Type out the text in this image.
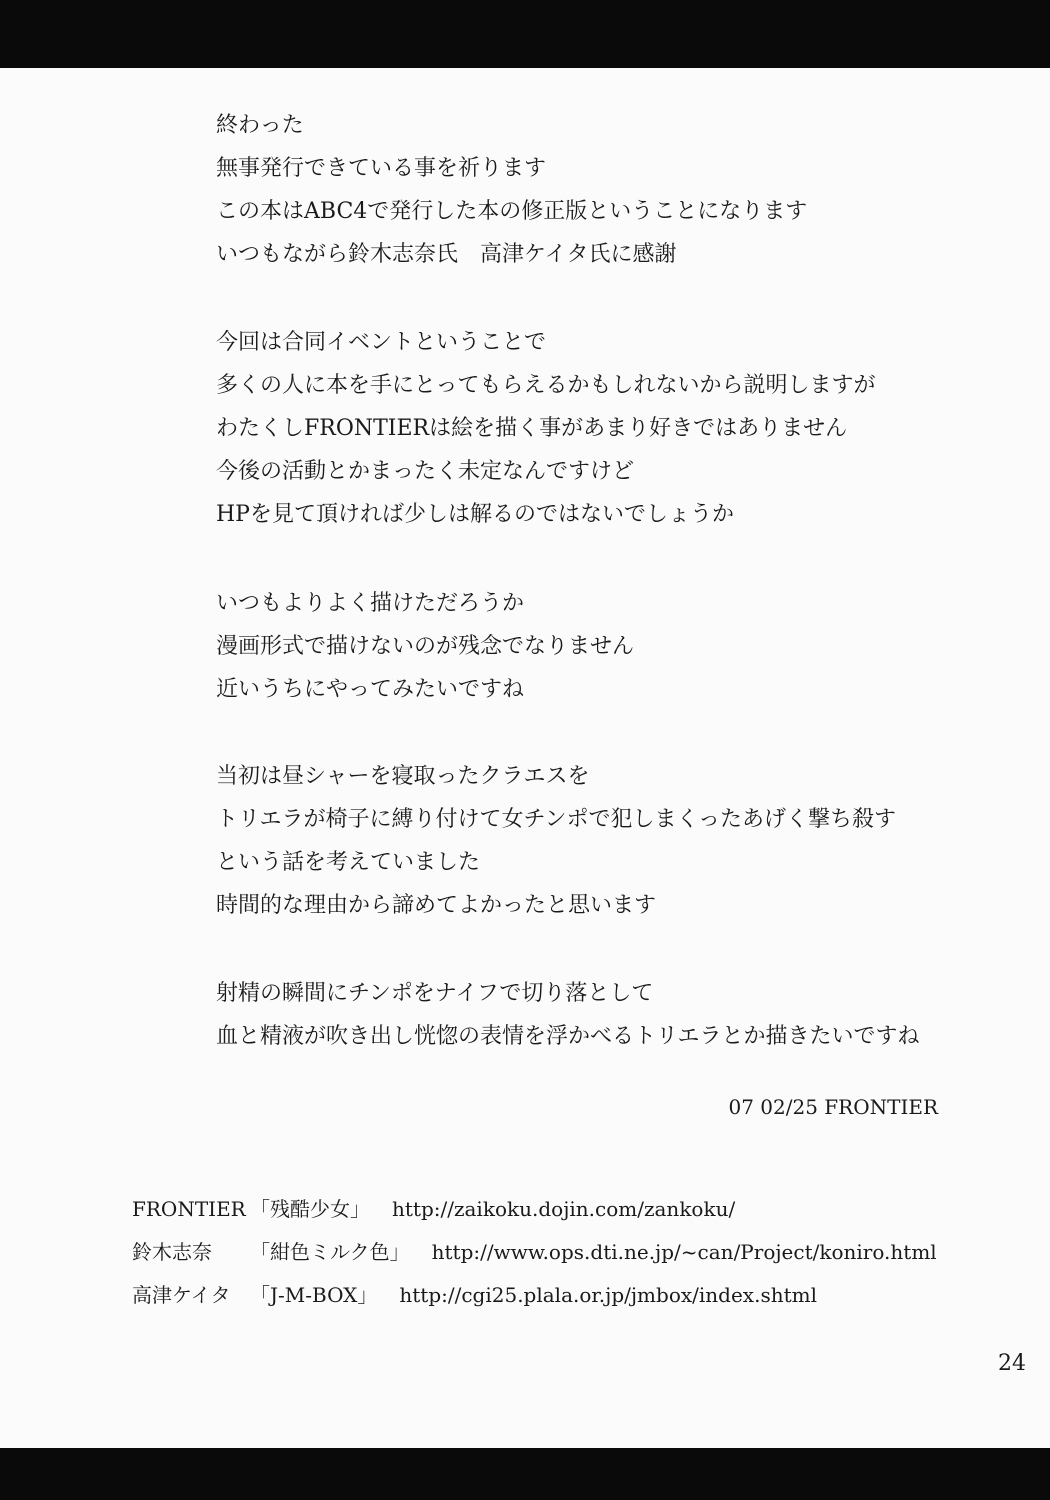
終わった
無事発行できている事を祈ります
この本はABC4で発行した本の修正版ということになります
いつもながら鈴木志奈氏　高津ケイタ氏に感謝
今回は合同イベントということで
多くの人に本を手にとってもらえるかもしれないから説明しますが
わたくしFRONTIERは絵を描く事があまり好きではありません
今後の活動とかまったく未定なんですけど
HPを見て頂ければ少しは解るのではないでしょうか
いつもよりよく描けただろうか
漫画形式で描けないのが残念でなりません
近いうちにやってみたいですね
当初は昼シャーを寝取ったクラエスを
トリエラが椅子に縛り付けて女チンポで犯しまくったあげく撃ち殺す
という話を考えていました
時間的な理由から諦めてよかったと思います
射精の瞬間にチンポをナイフで切り落として
血と精液が吹き出し恍惚の表情を浮かべるトリエラとか描きたいですね
07 02/25 FRONTIER
FRONTIER 「残酷少女」 http://zaikoku.dojin.com/zankoku/
鈴木志奈 「紺色ミルク色」 http://www.ops.dti.ne.jp/~can/Project/koniro.html
高津ケイタ 「J-M-BOX」 http://cgi25.plala.or.jp/jmbox/index.shtml
24
